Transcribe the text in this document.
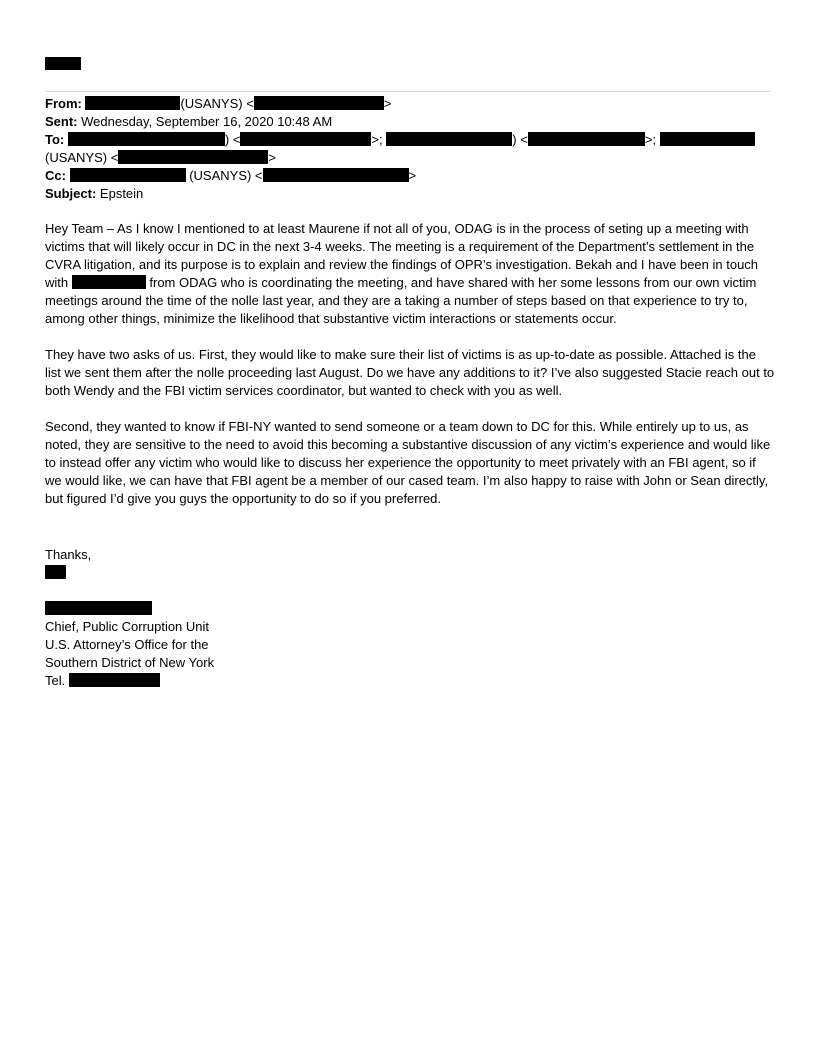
From:	(USANYS) <	>
Sent: Wednesday, September 16, 2020 10:48 AM
To:	) <	>;	) <	>;
(USANYS) <	>
Cc:	(USANYS) <	>
Subject: Epstein

Hey Team – As I know I mentioned to at least Maurene if not all of you, ODAG is in the process of seting up a meeting with victims that will likely occur in DC in the next 3-4 weeks. The meeting is a requirement of the Department’s settlement in the CVRA litigation, and its purpose is to explain and review the findings of OPR’s investigation. Bekah and I have been in touch with	from ODAG who is coordinating the meeting, and have shared with her some lessons from our own victim meetings around the time of the nolle last year, and they are a taking a number of steps based on that experience to try to, among other things, minimize the likelihood that substantive victim interactions or statements occur.

They have two asks of us. First, they would like to make sure their list of victims is as up-to-date as possible. Attached is the list we sent them after the nolle proceeding last August. Do we have any additions to it? I’ve also suggested Stacie reach out to both Wendy and the FBI victim services coordinator, but wanted to check with you as well.

Second, they wanted to know if FBI-NY wanted to send someone or a team down to DC for this. While entirely up to us, as noted, they are sensitive to the need to avoid this becoming a substantive discussion of any victim’s experience and would like to instead offer any victim who would like to discuss her experience the opportunity to meet privately with an FBI agent, so if we would like, we can have that FBI agent be a member of our cased team. I’m also happy to raise with John or Sean directly, but figured I’d give you guys the opportunity to do so if you preferred.

Thanks,
Chief, Public Corruption Unit
U.S. Attorney’s Office for the
Southern District of New York
Tel.
